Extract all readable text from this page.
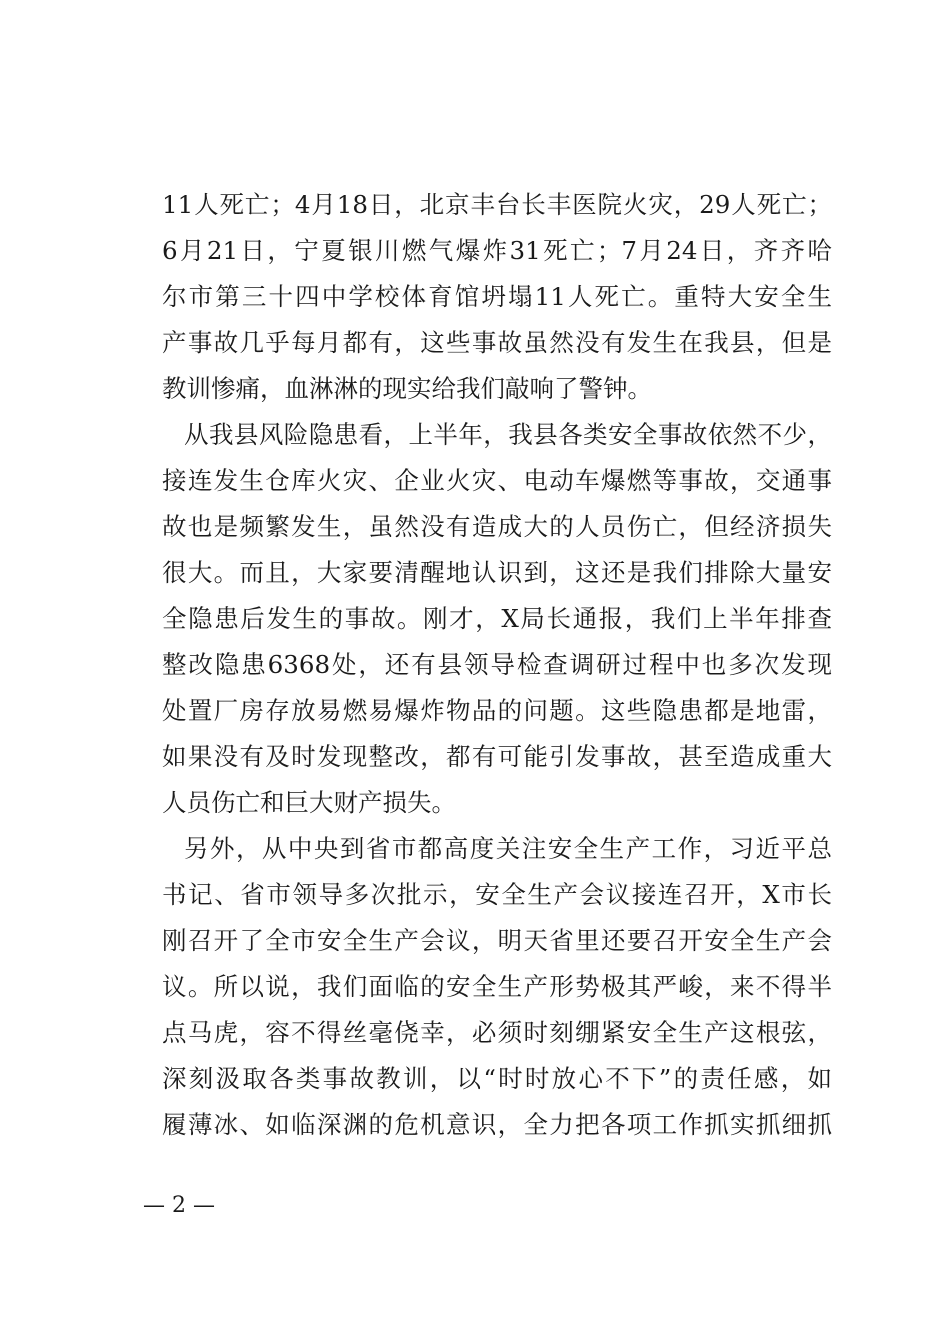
11人死亡；4月18日，北京丰台长丰医院火灾，29人死亡；
6月21日，宁夏银川燃气爆炸31死亡；7月24日，齐齐哈
尔市第三十四中学校体育馆坍塌11人死亡。重特大安全生
产事故几乎每月都有，这些事故虽然没有发生在我县，但是
教训惨痛，血淋淋的现实给我们敲响了警钟。
从我县风险隐患看，上半年，我县各类安全事故依然不少，
接连发生仓库火灾、企业火灾、电动车爆燃等事故，交通事
故也是频繁发生，虽然没有造成大的人员伤亡，但经济损失
很大。而且，大家要清醒地认识到，这还是我们排除大量安
全隐患后发生的事故。刚才，X局长通报，我们上半年排查
整改隐患6368处，还有县领导检查调研过程中也多次发现
处置厂房存放易燃易爆炸物品的问题。这些隐患都是地雷，
如果没有及时发现整改，都有可能引发事故，甚至造成重大
人员伤亡和巨大财产损失。
另外，从中央到省市都高度关注安全生产工作，习近平总
书记、省市领导多次批示，安全生产会议接连召开，X市长
刚召开了全市安全生产会议，明天省里还要召开安全生产会
议。所以说，我们面临的安全生产形势极其严峻，来不得半
点马虎，容不得丝毫侥幸，必须时刻绷紧安全生产这根弦，
深刻汲取各类事故教训，以“时时放心不下”的责任感，如
履薄冰、如临深渊的危机意识，全力把各项工作抓实抓细抓
— 2 —
